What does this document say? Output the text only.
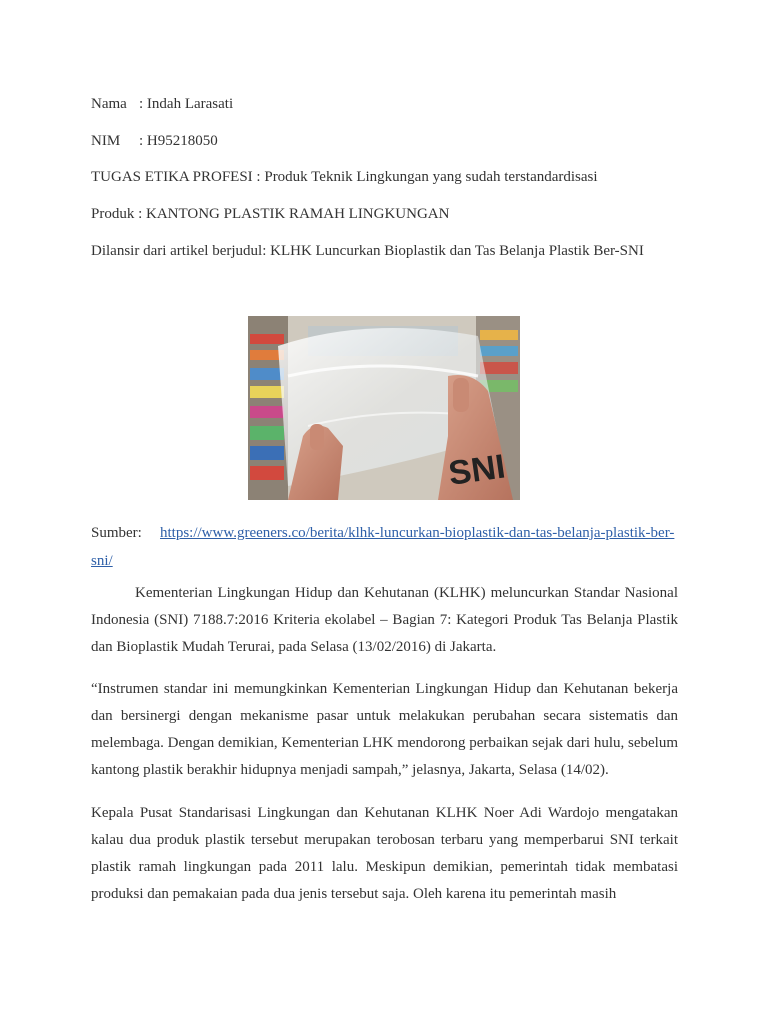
Nama : Indah Larasati
NIM : H95218050
TUGAS ETIKA PROFESI : Produk Teknik Lingkungan yang sudah terstandardisasi
Produk : KANTONG PLASTIK RAMAH LINGKUNGAN
Dilansir dari artikel berjudul: KLHK Luncurkan Bioplastik dan Tas Belanja Plastik Ber-SNI
SNI
Sumber: https://www.greeners.co/berita/klhk-luncurkan-bioplastik-dan-tas-belanja-plastik-ber-sni/

Kementerian Lingkungan Hidup dan Kehutanan (KLHK) meluncurkan Standar Nasional Indonesia (SNI) 7188.7:2016 Kriteria ekolabel – Bagian 7: Kategori Produk Tas Belanja Plastik dan Bioplastik Mudah Terurai, pada Selasa (13/02/2016) di Jakarta.

“Instrumen standar ini memungkinkan Kementerian Lingkungan Hidup dan Kehutanan bekerja dan bersinergi dengan mekanisme pasar untuk melakukan perubahan secara sistematis dan melembaga. Dengan demikian, Kementerian LHK mendorong perbaikan sejak dari hulu, sebelum kantong plastik berakhir hidupnya menjadi sampah,” jelasnya, Jakarta, Selasa (14/02).

Kepala Pusat Standarisasi Lingkungan dan Kehutanan KLHK Noer Adi Wardojo mengatakan kalau dua produk plastik tersebut merupakan terobosan terbaru yang memperbarui SNI terkait plastik ramah lingkungan pada 2011 lalu. Meskipun demikian, pemerintah tidak membatasi produksi dan pemakaian pada dua jenis tersebut saja. Oleh karena itu pemerintah masih
